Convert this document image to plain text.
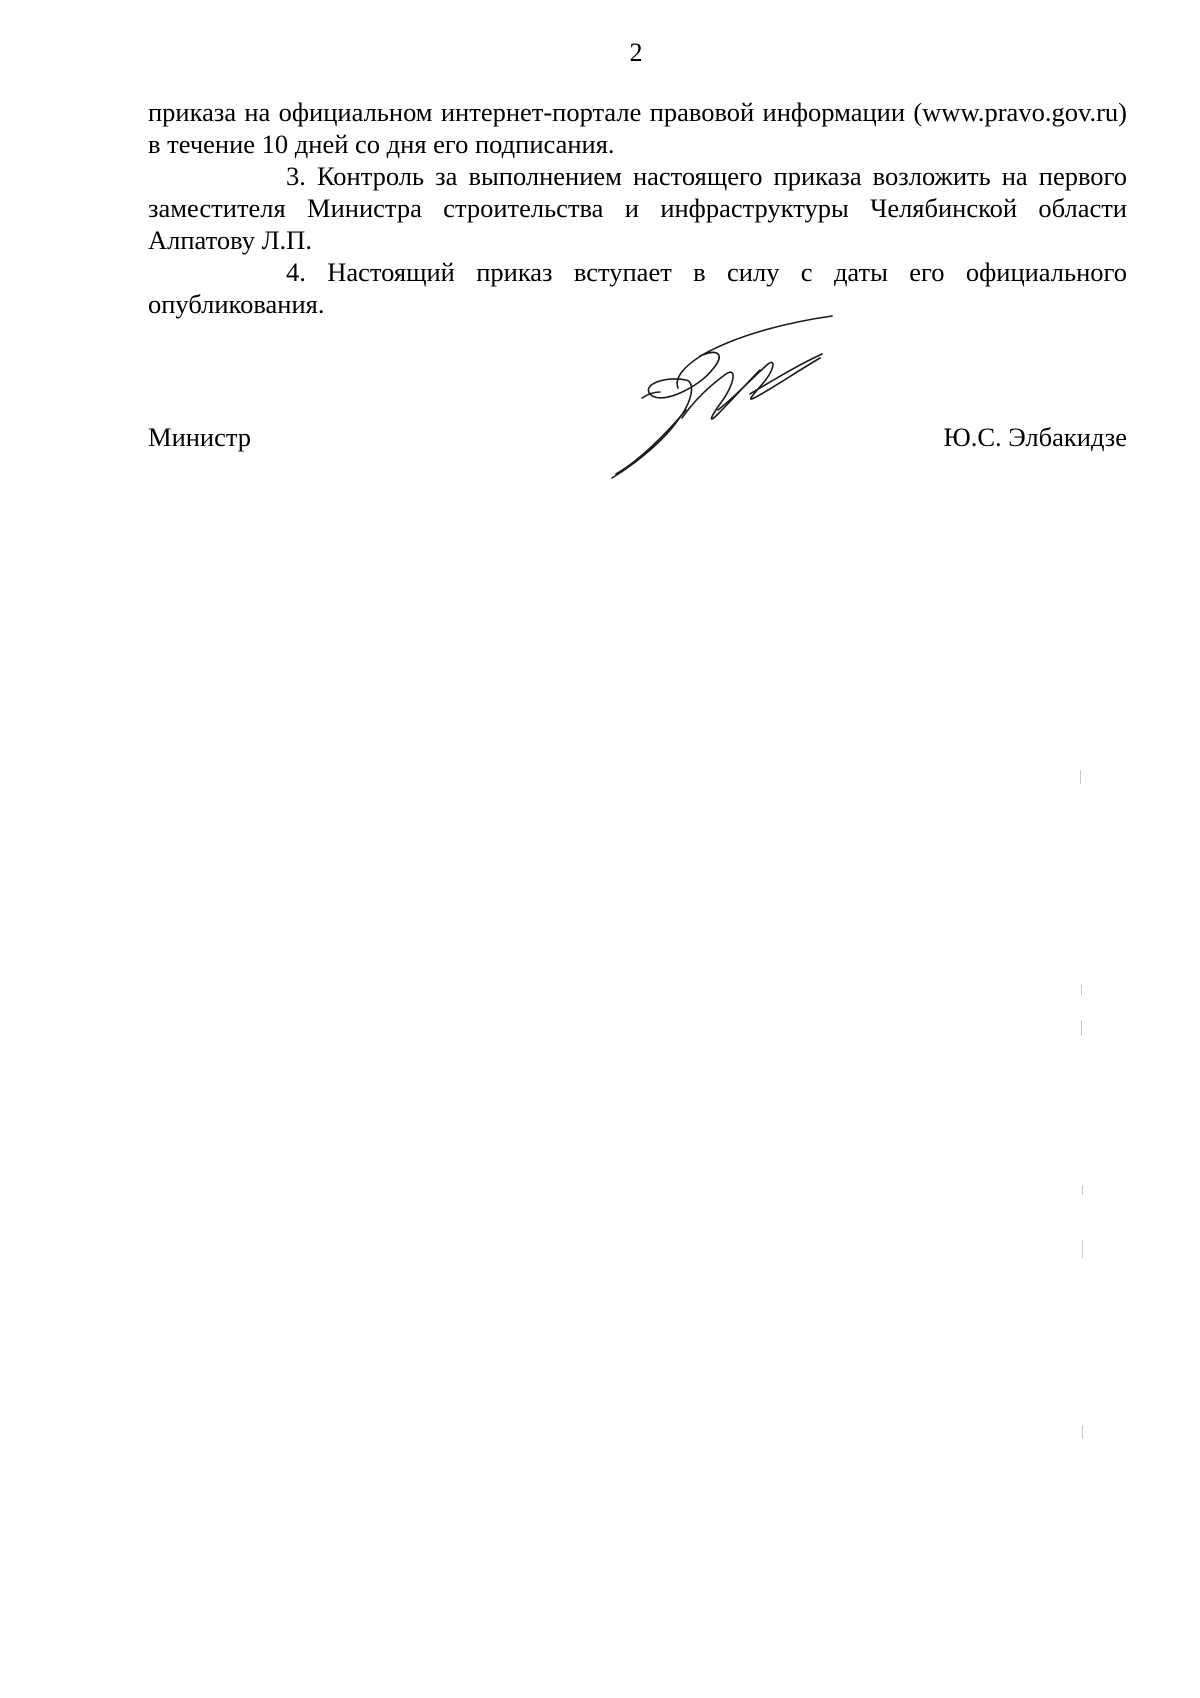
2

приказа на официальном интернет-портале правовой информации (www.pravo.gov.ru) в течение 10 дней со дня его подписания.

3. Контроль за выполнением настоящего приказа возложить на первого заместителя Министра строительства и инфраструктуры Челябинской области Алпатову Л.П.

4. Настоящий приказ вступает в силу с даты его официального опубликования.

Министр	Ю.С. Элбакидзе
